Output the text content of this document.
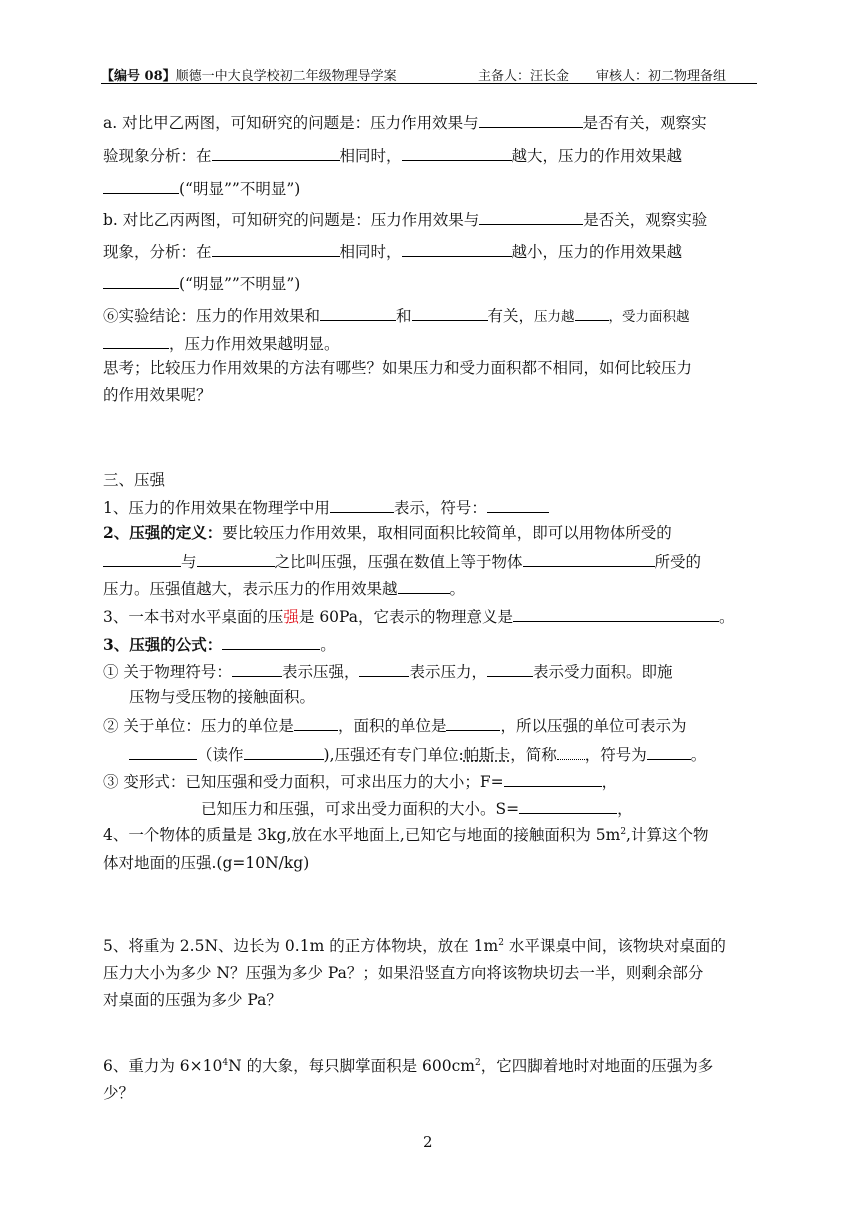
【编号 08】顺德一中大良学校初二年级物理导学案	主备人：汪长金 审核人：初二物理备组
a. 对比甲乙两图，可知研究的问题是：压力作用效果与	是否有关，观察实
验现象分析：在	相同时，	越大，压力的作用效果越
(“明显””不明显”)
b. 对比乙丙两图，可知研究的问题是：压力作用效果与	是否关，观察实验
现象，分析：在	相同时，	越小，压力的作用效果越
(“明显””不明显”)
⑥实验结论：压力的作用效果和	和	有关，压力越	，受力面积越
，压力作用效果越明显。
思考；比较压力作用效果的方法有哪些？如果压力和受力面积都不相同，如何比较压力
的作用效果呢？
三、压强
1、压力的作用效果在物理学中用	表示，符号：
2、压强的定义：要比较压力作用效果，取相同面积比较简单，即可以用物体所受的
与	之比叫压强，压强在数值上等于物体	所受的
压力。压强值越大，表示压力的作用效果越	。
3、一本书对水平桌面的压强是 60Pa，它表示的物理意义是	。
3、压强的公式：	。
① 关于物理符号：	表示压强，	表示压力，	表示受力面积。即施
压物与受压物的接触面积。
② 关于单位：压力的单位是	，面积的单位是	，所以压强的单位可表示为
（读作	),压强还有专门单位:帕斯卡，简称 ，符号为	。
③ 变形式：已知压强和受力面积，可求出压力的大小；F=	，
已知压力和压强，可求出受力面积的大小。S=	，
4、一个物体的质量是 3kg,放在水平地面上,已知它与地面的接触面积为 $5m^2$,计算这个物
体对地面的压强.(g=10N/kg)
5、将重为 2.5N、边长为 0.1m 的正方体物块，放在 $1m^2$ 水平课桌中间，该物块对桌面的
压力大小为多少 N？压强为多少 Pa？；如果沿竖直方向将该物块切去一半，则剩余部分
对桌面的压强为多少 Pa？
6、重力为 $6\times 10^4N$ 的大象，每只脚掌面积是 $600cm^2$，它四脚着地时对地面的压强为多
少？
2
